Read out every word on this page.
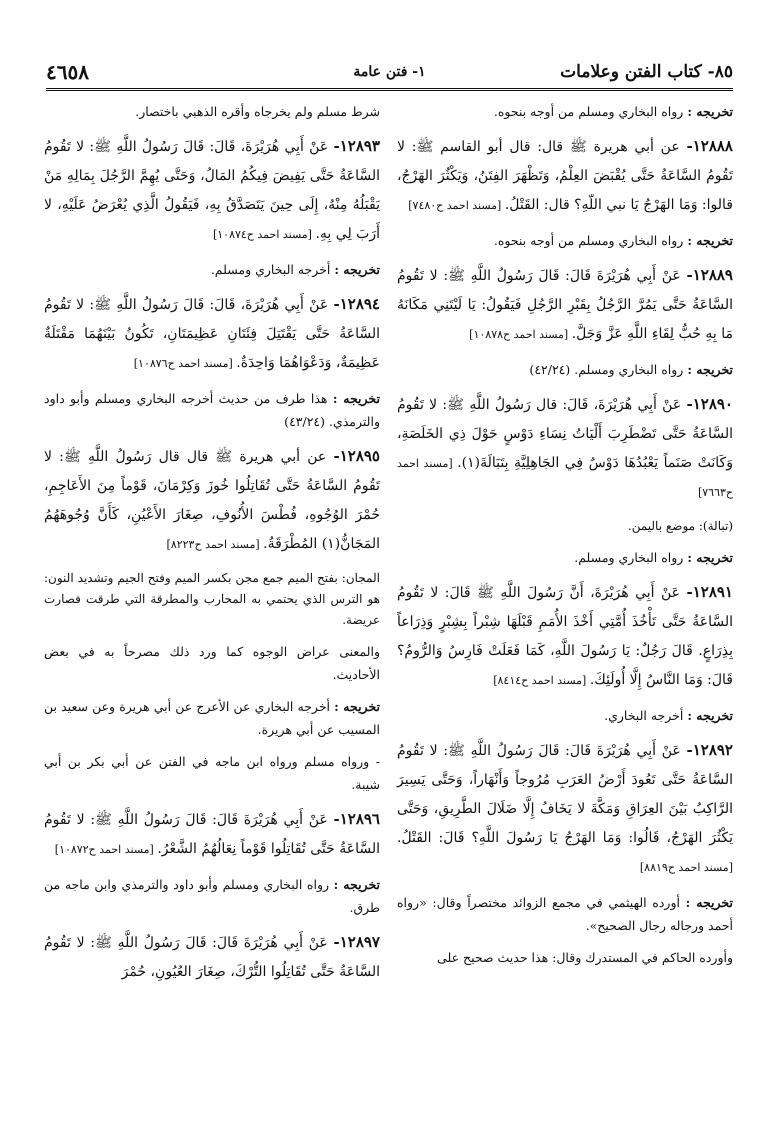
٨٥- كتاب الفتن وعلامات
١- فتن عامة
٤٦٥٨
تخريجه : رواه البخاري ومسلم من أوجه بنحوه.
١٢٨٨٨- عن أبي هريرة ﷺ قال: قال أبو القاسم ﷺ: لا تَقُومُ السَّاعَةُ حَتَّى يُقْبَضَ العِلْمُ، وَتَظْهَرَ الفِتَنُ، وَيَكْثُرَ الهَرْجُ، قالوا: وَمَا الهَرْجُ يَا نبي اللّهِ؟ قال: القَتْلُ. [مسند احمد ح٧٤٨٠]
تخريجه : رواه البخاري ومسلم من أوجه بنحوه.
١٢٨٨٩- عَنْ أَبِي هُرَيْرَةَ قَالَ: قَالَ رَسُولُ اللَّهِ ﷺ: لا تَقُومُ السَّاعَةُ حَتَّى يَمُرَّ الرَّجُلُ بِقَبْرِ الرَّجُلِ فَيَقُولُ: يَا لَيْتَنِي مَكَانَهُ مَا بِهِ حُبُّ لِقَاءِ اللَّهِ عَزَّ وَجَلَّ. [مسند احمد ح١٠٨٧٨]
تخريجه : رواه البخاري ومسلم. (٤٢/٢٤)
١٢٨٩٠- عَنْ أَبِي هُرَيْرَةَ، قَالَ: قال رَسُولُ اللَّهِ ﷺ: لا تَقُومُ السَّاعَةُ حَتَّى تَضْطَرِبَ أَلْيَاتُ نِسَاءِ دَوْسٍ حَوْلَ ذِي الخَلَصَةِ، وَكَانَتْ صَنَماً يَعْبُدُهَا دَوْسٌ فِي الجَاهِلِيَّةِ بِتَبَالَةَ(١). [مسند احمد ح٧٦٦٣]
(تبالة): موضع باليمن.
تخريجه : رواه البخاري ومسلم.
١٢٨٩١- عَنْ أَبِي هُرَيْرَةَ، أَنَّ رَسُولَ اللَّهِ ﷺ قَالَ: لا تَقُومُ السَّاعَةُ حَتَّى تَأْخُذَ أُمَّتِي أَخْذَ الأُمَمِ قَبْلَهَا شِبْراً بِشِبْرٍ وَذِرَاعاً بِذِرَاعٍ. قَالَ رَجُلٌ: يَا رَسُولَ اللَّهِ، كَمَا فَعَلَتْ فَارِسُ وَالرُّومُ؟ قَالَ: وَمَا النَّاسُ إِلَّا أُولَئِكَ. [مسند احمد ح٨٤١٤]
تخريجه : أخرجه البخاري.
١٢٨٩٢- عَنْ أَبِي هُرَيْرَةَ قَالَ: قَالَ رَسُولُ اللَّهِ ﷺ: لا تَقُومُ السَّاعَةُ حَتَّى تَعُودَ أَرْضُ العَرَبِ مُرُوجاً وَأَنْهَاراً، وَحَتَّى يَسِيرَ الرَّاكِبُ بَيْنَ العِرَاقِ وَمَكَّةَ لا يَخَافُ إِلَّا ضَلَالَ الطَّرِيقِ، وَحَتَّى يَكْثُرَ الهَرْجُ، قَالُوا: وَمَا الهَرْجُ يَا رَسُولَ اللَّهِ؟ قَالَ: القَتْلُ. [مسند احمد ح٨٨١٩]
تخريجه : أورده الهيثمي في مجمع الزوائد مختصراً وقال: «رواه أحمد ورجاله رجال الصحيح».
وأورده الحاكم في المستدرك وقال: هذا حديث صحيح على
شرط مسلم ولم يخرجاه وأقره الذهبي باختصار.
١٢٨٩٣- عَنْ أَبِي هُرَيْرَةَ، قَالَ: قَالَ رَسُولُ اللَّهِ ﷺ: لا تَقُومُ السَّاعَةُ حَتَّى يَفِيضَ فِيكُمُ المَالُ، وَحَتَّى يُهِمَّ الرَّجُلَ بِمَالِهِ مَنْ يَقْبَلُهُ مِنْهُ، إِلَى حِينَ يَتَصَدَّقُ بِهِ، فَيَقُولُ الَّذِي يُعْرَضُ عَلَيْهِ، لا أَرَبَ لِي بِهِ. [مسند احمد ح١٠٨٧٤]
تخريجه : أخرجه البخاري ومسلم.
١٢٨٩٤- عَنْ أَبِي هُرَيْرَةَ، قَالَ: قَالَ رَسُولُ اللَّهِ ﷺ: لا تَقُومُ السَّاعَةُ حَتَّى يَقْتَتِلَ فِئَتَانِ عَظِيمَتَانِ، تَكُونُ بَيْنَهُمَا مَقْتَلَةٌ عَظِيمَةٌ، وَدَعْوَاهُمَا وَاحِدَةٌ. [مسند احمد ح١٠٨٧٦]
تخريجه : هذا طرف من حديث أخرجه البخاري ومسلم وأبو داود والترمذي. (٤٣/٢٤)
١٢٨٩٥- عن أبي هريرة ﷺ قال قال رَسُولُ اللَّهِ ﷺ: لا تَقُومُ السَّاعَةُ حَتَّى تُقَاتِلُوا خُوزَ وَكِرْمَانَ، قَوْماً مِنَ الأَعَاجِمِ، حُمْرَ الوُجُوهِ، فُطْسَ الأُنُوفِ، صِغَارَ الأَعْيُنِ، كَأَنَّ وُجُوهَهُمُ المَجَانُّ(١) المُطْرَقَةُ. [مسند احمد ح٨٢٢٣]
المجان: بفتح الميم جمع مجن بكسر الميم وفتح الجيم وتشديد النون: هو الترس الذي يحتمي به المحارب والمطرقة التي طرقت فصارت عريضة.
والمعنى عراض الوجوه كما ورد ذلك مصرحاً به في بعض الأحاديث.
تخريجه : أخرجه البخاري عن الأعرج عن أبي هريرة وعن سعيد بن المسيب عن أبي هريرة.
- ورواه مسلم ورواه ابن ماجه في الفتن عن أبي بكر بن أبي شيبة.
١٢٨٩٦- عَنْ أَبِي هُرَيْرَةَ قَالَ: قَالَ رَسُولُ اللَّهِ ﷺ: لا تَقُومُ السَّاعَةُ حَتَّى تُقَاتِلُوا قَوْماً نِعَالُهُمُ الشَّعْرُ. [مسند احمد ح١٠٨٧٢]
تخريجه : رواه البخاري ومسلم وأبو داود والترمذي وابن ماجه من طرق.
١٢٨٩٧- عَنْ أَبِي هُرَيْرَةَ قَالَ: قَالَ رَسُولُ اللَّهِ ﷺ: لا تَقُومُ السَّاعَةُ حَتَّى تُقَاتِلُوا التُّرْكَ، صِغَارَ العُيُونِ، حُمْرَ
